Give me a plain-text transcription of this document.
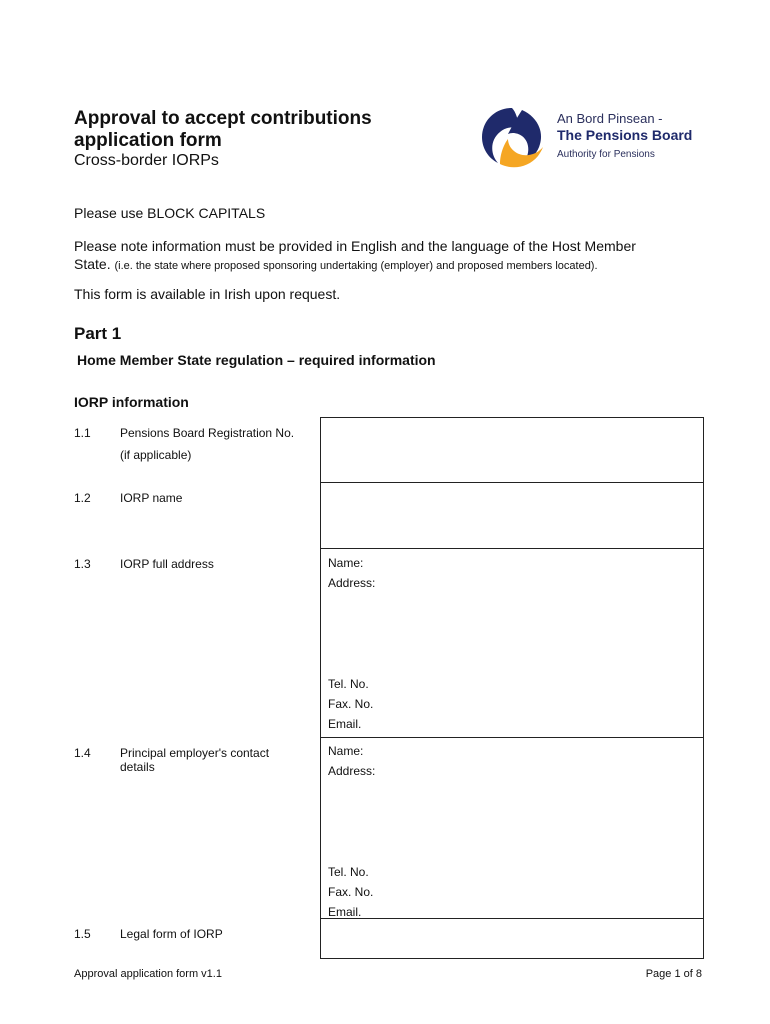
Approval to accept contributions
application form
Cross-border IORPs
An Bord Pinsean -
The Pensions Board
Authority for Pensions
Please use BLOCK CAPITALS
Please note information must be provided in English and the language of the Host Member
State. (i.e. the state where proposed sponsoring undertaking (employer) and proposed members located).
This form is available in Irish upon request.
Part 1
Home Member State regulation – required information
IORP information
1.1 Pensions Board Registration No.
(if applicable)
1.2 IORP name
1.3 IORP full address	Name:
Address:
Tel. No.
Fax. No.
Email.
1.4 Principal employer's contact details
Name:
Address:
Tel. No.
Fax. No.
Email.
1.5 Legal form of IORP
Approval application form v1.1	Page 1 of 8
